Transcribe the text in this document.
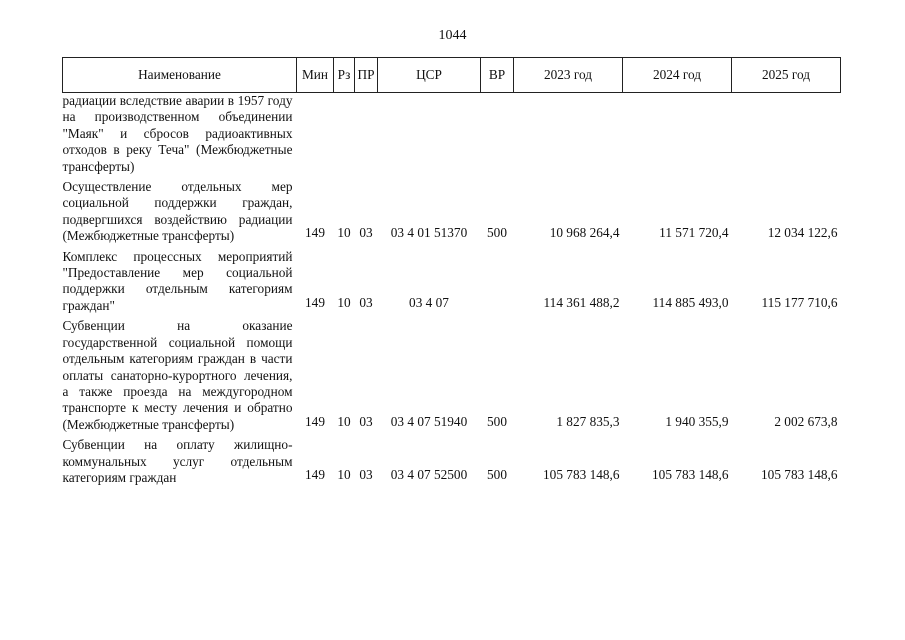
1044
Наименование	Мин	Рз	ПР	ЦСР	ВР	2023 год	2024 год	2025 год
радиации вследствие аварии в 1957 году на производственном объединении "Маяк" и сбросов радиоактивных отходов в реку Теча" (Межбюджетные трансферты)								
Осуществление отдельных мер социальной поддержки граждан, подвергшихся воздействию радиации (Межбюджетные трансферты)	149	10	03	03 4 01 51370	500	10 968 264,4	11 571 720,4	12 034 122,6
Комплекс процессных мероприятий "Предоставление мер социальной поддержки отдельным категориям граждан"	149	10	03	03 4 07		114 361 488,2	114 885 493,0	115 177 710,6
Субвенции на оказание государственной социальной помощи отдельным категориям граждан в части оплаты санаторно-курортного лечения, а также проезда на междугородном транспорте к месту лечения и обратно (Межбюджетные трансферты)	149	10	03	03 4 07 51940	500	1 827 835,3	1 940 355,9	2 002 673,8
Субвенции на оплату жилищно-коммунальных услуг отдельным категориям граждан	149	10	03	03 4 07 52500	500	105 783 148,6	105 783 148,6	105 783 148,6
